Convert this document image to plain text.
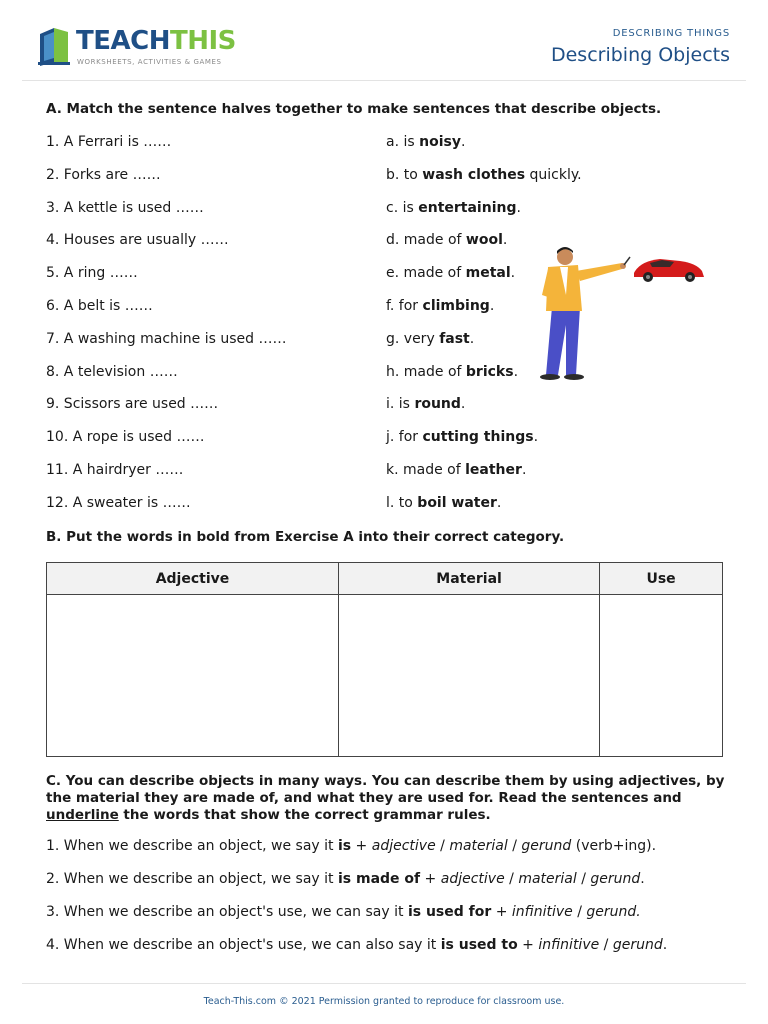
TEACHTHIS
WORKSHEETS, ACTIVITIES & GAMES
DESCRIBING THINGS
Describing Objects
A. Match the sentence halves together to make sentences that describe objects.
1. A Ferrari is ……
2. Forks are ……
3. A kettle is used ……
4. Houses are usually ……
5. A ring ……
6. A belt is ……
7. A washing machine is used ……
8. A television ……
9. Scissors are used ……
10. A rope is used ……
11. A hairdryer ……
12. A sweater is ……
a. is noisy.
b. to wash clothes quickly.
c. is entertaining.
d. made of wool.
e. made of metal.
f. for climbing.
g. very fast.
h. made of bricks.
i. is round.
j. for cutting things.
k. made of leather.
l. to boil water.
B. Put the words in bold from Exercise A into their correct category.
Adjective	Material	Use

C. You can describe objects in many ways. You can describe them by using adjectives, by the material they are made of, and what they are used for. Read the sentences and underline the words that show the correct grammar rules.
1. When we describe an object, we say it is + adjective / material / gerund (verb+ing).
2. When we describe an object, we say it is made of + adjective / material / gerund.
3. When we describe an object's use, we can say it is used for + infinitive / gerund.
4. When we describe an object's use, we can also say it is used to + infinitive / gerund.
Teach-This.com © 2021 Permission granted to reproduce for classroom use.
